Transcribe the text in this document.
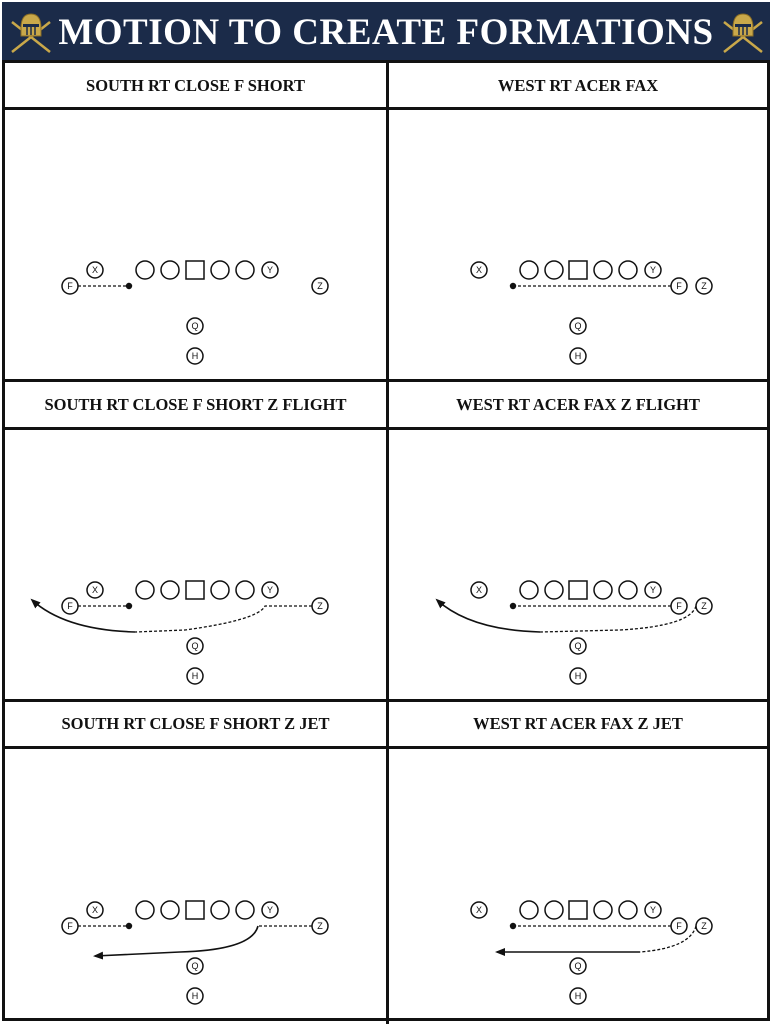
MOTION TO CREATE FORMATIONS
SOUTH RT CLOSE F SHORT	WEST RT ACER FAX
SOUTH RT CLOSE F SHORT Z FLIGHT	WEST RT ACER FAX Z FLIGHT
SOUTH RT CLOSE F SHORT Z JET	WEST RT ACER FAX Z JET
X	Y
F	Z
Q
H
X	Y
F Z
Q
H
X	Y
F	Z
Q
H
X	Y
F Z
Q
H
X	Y
F	Z
Q
H
X	Y
F Z
Q
H
